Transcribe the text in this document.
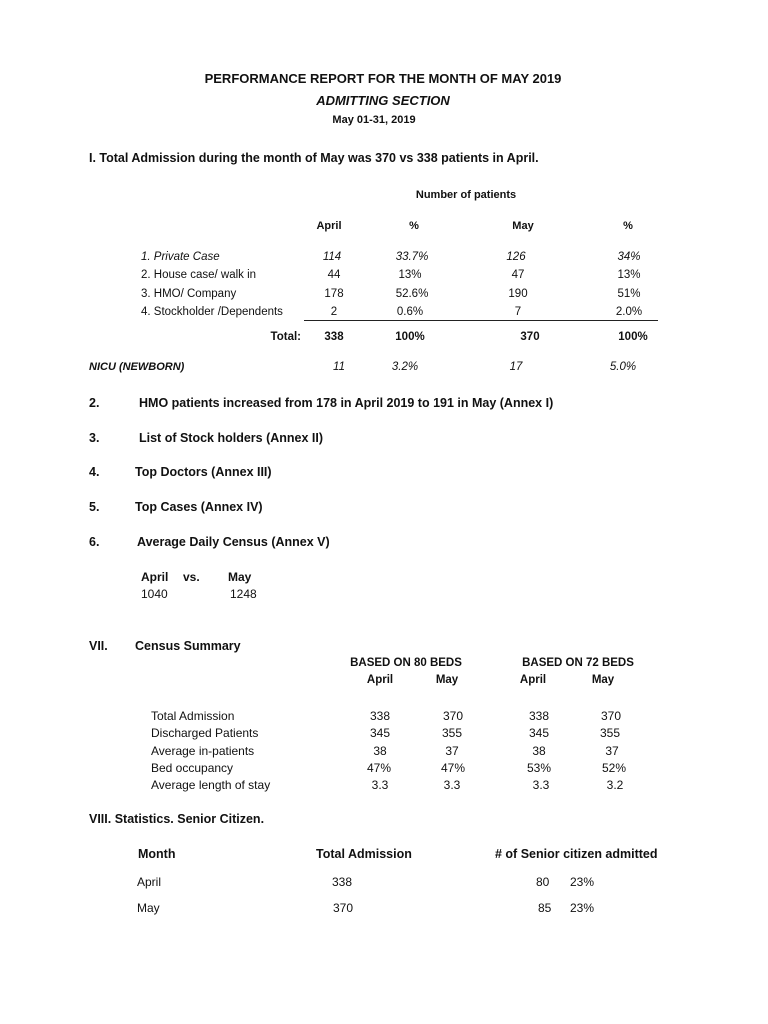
PERFORMANCE REPORT FOR THE MONTH OF MAY 2019
ADMITTING SECTION
May 01-31, 2019
I. Total Admission during the month of May was 370 vs 338 patients in April.
Number of patients
April	%	May	%
1. Private Case	114	33.7%	126	34%
2. House case/ walk in	44	13%	47	13%
3. HMO/ Company	178	52.6%	190	51%
4. Stockholder /Dependents	2	0.6%	7	2.0%
Total: 338	100%	370	100%
NICU (NEWBORN)	11	3.2%	17	5.0%
2.	HMO patients increased from 178 in April 2019 to 191 in May (Annex I)
3.	List of Stock holders (Annex II)
4.	Top Doctors (Annex III)
5.	Top Cases (Annex IV)
6.	Average Daily Census (Annex V)
April vs. May
1040	1248
VII. Census Summary
BASED ON 80 BEDS	BASED ON 72 BEDS
April	May	April	May
Total Admission	338	370	338	370
Discharged Patients	345	355	345	355
Average in-patients	38	37	38	37
Bed occupancy	47%	47%	53%	52%
Average length of stay	3.3	3.3	3.3	3.2
VIII. Statistics. Senior Citizen.
Month	Total Admission	# of Senior citizen admitted
April	338	80 23%
May	370	85 23%
